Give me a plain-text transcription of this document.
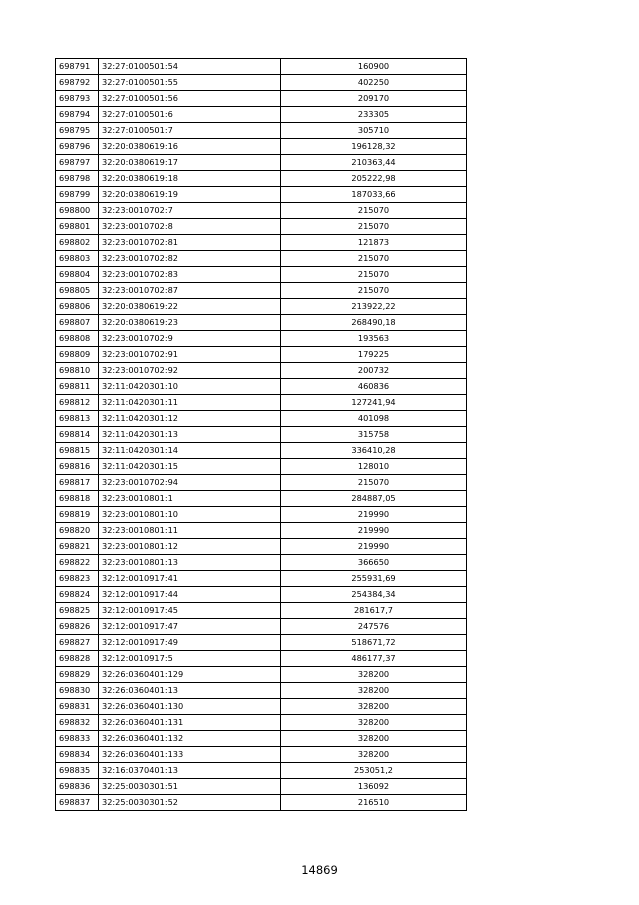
698791	32:27:0100501:54	160900
698792	32:27:0100501:55	402250
698793	32:27:0100501:56	209170
698794	32:27:0100501:6	233305
698795	32:27:0100501:7	305710
698796	32:20:0380619:16	196128,32
698797	32:20:0380619:17	210363,44
698798	32:20:0380619:18	205222,98
698799	32:20:0380619:19	187033,66
698800	32:23:0010702:7	215070
698801	32:23:0010702:8	215070
698802	32:23:0010702:81	121873
698803	32:23:0010702:82	215070
698804	32:23:0010702:83	215070
698805	32:23:0010702:87	215070
698806	32:20:0380619:22	213922,22
698807	32:20:0380619:23	268490,18
698808	32:23:0010702:9	193563
698809	32:23:0010702:91	179225
698810	32:23:0010702:92	200732
698811	32:11:0420301:10	460836
698812	32:11:0420301:11	127241,94
698813	32:11:0420301:12	401098
698814	32:11:0420301:13	315758
698815	32:11:0420301:14	336410,28
698816	32:11:0420301:15	128010
698817	32:23:0010702:94	215070
698818	32:23:0010801:1	284887,05
698819	32:23:0010801:10	219990
698820	32:23:0010801:11	219990
698821	32:23:0010801:12	219990
698822	32:23:0010801:13	366650
698823	32:12:0010917:41	255931,69
698824	32:12:0010917:44	254384,34
698825	32:12:0010917:45	281617,7
698826	32:12:0010917:47	247576
698827	32:12:0010917:49	518671,72
698828	32:12:0010917:5	486177,37
698829	32:26:0360401:129	328200
698830	32:26:0360401:13	328200
698831	32:26:0360401:130	328200
698832	32:26:0360401:131	328200
698833	32:26:0360401:132	328200
698834	32:26:0360401:133	328200
698835	32:16:0370401:13	253051,2
698836	32:25:0030301:51	136092
698837	32:25:0030301:52	216510
14869
